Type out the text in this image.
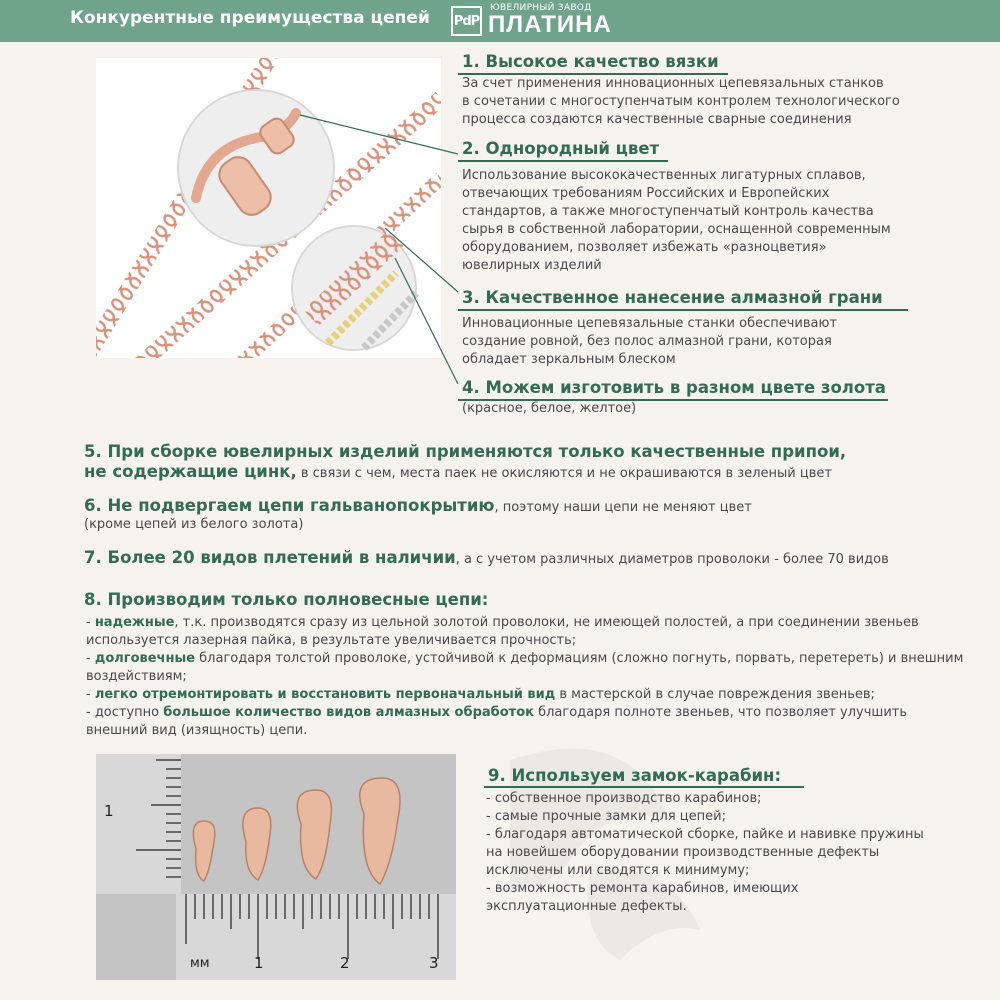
Конкурентные преимущества цепей PdP
ЮВЕЛИРНЫЙ ЗАВОД
ПЛАТИНА
1. Высокое качество вязки
За счет применения инновационных цепевязальных станков
в сочетании с многоступенчатым контролем технологического
процесса создаются качественные сварные соединения
2. Однородный цвет
Использование высококачественных лигатурных сплавов,
отвечающих требованиям Российских и Европейских
стандартов, а также многоступенчатый контроль качества
сырья в собственной лаборатории, оснащенной современным
оборудованием, позволяет избежать «разноцветия»
ювелирных изделий
3. Качественное нанесение алмазной грани
Инновационные цепевязальные станки обеспечивают
создание ровной, без полос алмазной грани, которая
обладает зеркальным блеском
4. Можем изготовить в разном цвете золота
(красное, белое, желтое)
5. При сборке ювелирных изделий применяются только качественные припои,
не содержащие цинк, в связи с чем, места паек не окисляются и не окрашиваются в зеленый цвет
6. Не подвергаем цепи гальванопокрытию, поэтому наши цепи не меняют цвет
(кроме цепей из белого золота)
7. Более 20 видов плетений в наличии, а с учетом различных диаметров проволоки - более 70 видов
8. Производим только полновесные цепи:
- надежные, т.к. производятся сразу из цельной золотой проволоки, не имеющей полостей, а при соединении звеньев используется лазерная пайка, в результате увеличивается прочность;
- долговечные благодаря толстой проволоке, устойчивой к деформациям (сложно погнуть, порвать, перетереть) и внешним воздействиям;
- легко отремонтировать и восстановить первоначальный вид в мастерской в случае повреждения звеньев;
- доступно большое количество видов алмазных обработок благодаря полноте звеньев, что позволяет улучшить внешний вид (изящность) цепи.
1
мм	1	2	3
9. Используем замок-карабин:
- собственное производство карабинов;
- самые прочные замки для цепей;
- благодаря автоматической сборке, пайке и навивке пружины на новейшем оборудовании производственные дефекты исключены или сводятся к минимуму;
- возможность ремонта карабинов, имеющих эксплуатационные дефекты.
